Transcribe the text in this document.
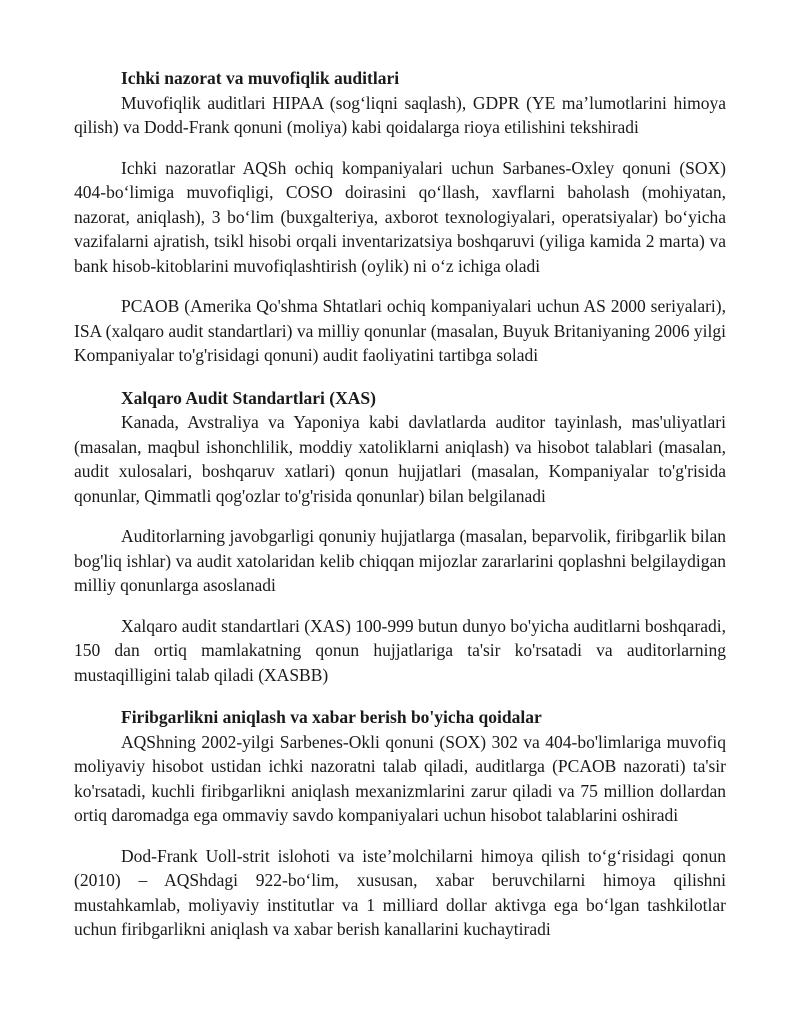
Ichki nazorat va muvofiqlik auditlari

Muvofiqlik auditlari HIPAA (sog‘liqni saqlash), GDPR (YE ma’lumotlarini himoya qilish) va Dodd-Frank qonuni (moliya) kabi qoidalarga rioya etilishini tekshiradi

Ichki nazoratlar AQSh ochiq kompaniyalari uchun Sarbanes-Oxley qonuni (SOX) 404-bo‘limiga muvofiqligi, COSO doirasini qo‘llash, xavflarni baholash (mohiyatan, nazorat, aniqlash), 3 bo‘lim (buxgalteriya, axborot texnologiyalari, operatsiyalar) bo‘yicha vazifalarni ajratish, tsikl hisobi orqali inventarizatsiya boshqaruvi (yiliga kamida 2 marta) va bank hisob-kitoblarini muvofiqlashtirish (oylik) ni o‘z ichiga oladi

PCAOB (Amerika Qo'shma Shtatlari ochiq kompaniyalari uchun AS 2000 seriyalari), ISA (xalqaro audit standartlari) va milliy qonunlar (masalan, Buyuk Britaniyaning 2006 yilgi Kompaniyalar to'g'risidagi qonuni) audit faoliyatini tartibga soladi

Xalqaro Audit Standartlari (XAS)

Kanada, Avstraliya va Yaponiya kabi davlatlarda auditor tayinlash, mas'uliyatlari (masalan, maqbul ishonchlilik, moddiy xatoliklarni aniqlash) va hisobot talablari (masalan, audit xulosalari, boshqaruv xatlari) qonun hujjatlari (masalan, Kompaniyalar to'g'risida qonunlar, Qimmatli qog'ozlar to'g'risida qonunlar) bilan belgilanadi

Auditorlarning javobgarligi qonuniy hujjatlarga (masalan, beparvolik, firibgarlik bilan bog'liq ishlar) va audit xatolaridan kelib chiqqan mijozlar zararlarini qoplashni belgilaydigan milliy qonunlarga asoslanadi

Xalqaro audit standartlari (XAS) 100-999 butun dunyo bo'yicha auditlarni boshqaradi, 150 dan ortiq mamlakatning qonun hujjatlariga ta'sir ko'rsatadi va auditorlarning mustaqilligini talab qiladi (XASBB)

Firibgarlikni aniqlash va xabar berish bo'yicha qoidalar

AQShning 2002-yilgi Sarbenes-Okli qonuni (SOX) 302 va 404-bo'limlariga muvofiq moliyaviy hisobot ustidan ichki nazoratni talab qiladi, auditlarga (PCAOB nazorati) ta'sir ko'rsatadi, kuchli firibgarlikni aniqlash mexanizmlarini zarur qiladi va 75 million dollardan ortiq daromadga ega ommaviy savdo kompaniyalari uchun hisobot talablarini oshiradi

Dod-Frank Uoll-strit islohoti va iste’molchilarni himoya qilish to‘g‘risidagi qonun (2010) – AQShdagi 922-bo‘lim, xususan, xabar beruvchilarni himoya qilishni mustahkamlab, moliyaviy institutlar va 1 milliard dollar aktivga ega bo‘lgan tashkilotlar uchun firibgarlikni aniqlash va xabar berish kanallarini kuchaytiradi
